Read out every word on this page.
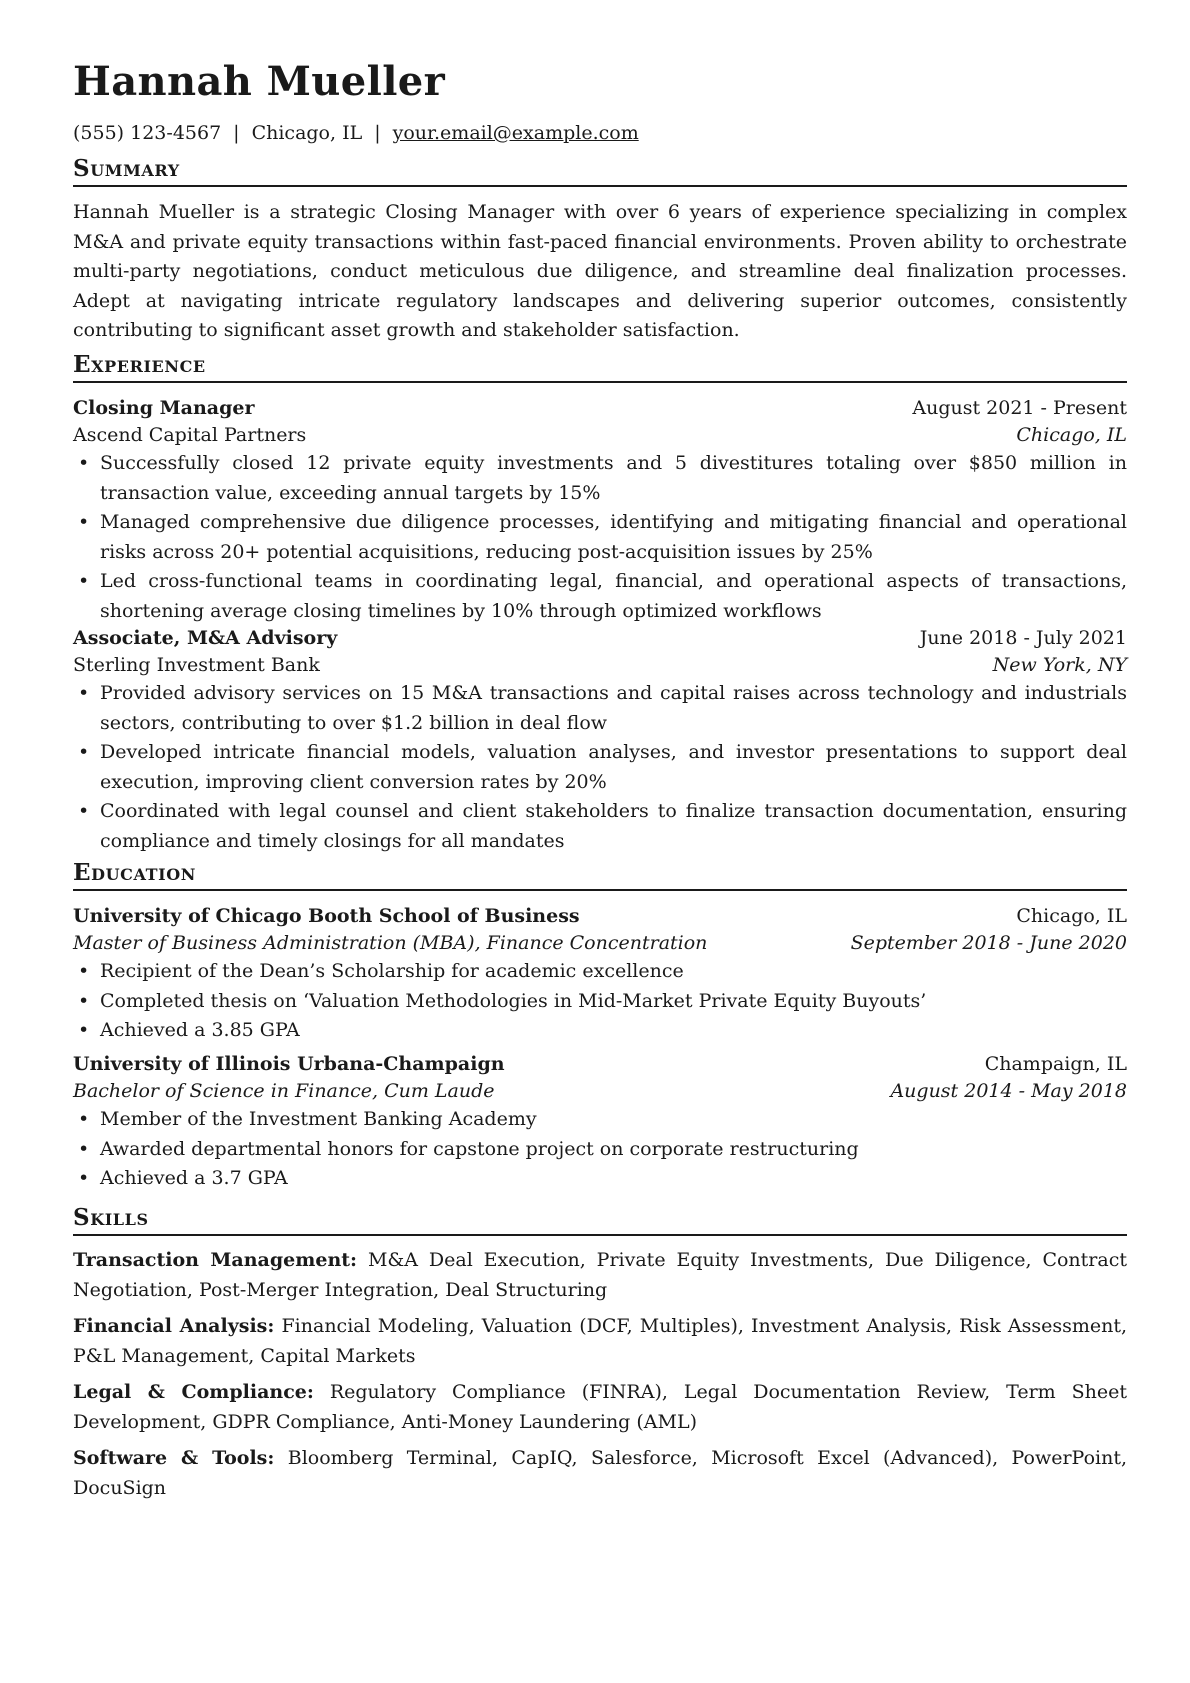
Hannah Mueller
(555) 123-4567 | Chicago, IL | your.email@example.com
Summary
Hannah Mueller is a strategic Closing Manager with over 6 years of experience specializing in complex M&A and private equity transactions within fast-paced financial environments. Proven ability to orchestrate multi-party negotiations, conduct meticulous due diligence, and streamline deal finalization processes. Adept at navigating intricate regulatory landscapes and delivering superior outcomes, consistently contributing to significant asset growth and stakeholder satisfaction.
Experience
Closing Manager	August 2021 - Present
Ascend Capital Partners	Chicago, IL
• Successfully closed 12 private equity investments and 5 divestitures totaling over $850 million in transaction value, exceeding annual targets by 15%
• Managed comprehensive due diligence processes, identifying and mitigating financial and operational risks across 20+ potential acquisitions, reducing post-acquisition issues by 25%
• Led cross-functional teams in coordinating legal, financial, and operational aspects of transactions, shortening average closing timelines by 10% through optimized workflows
Associate, M&A Advisory	June 2018 - July 2021
Sterling Investment Bank	New York, NY
• Provided advisory services on 15 M&A transactions and capital raises across technology and industrials sectors, contributing to over $1.2 billion in deal flow
• Developed intricate financial models, valuation analyses, and investor presentations to support deal execution, improving client conversion rates by 20%
• Coordinated with legal counsel and client stakeholders to finalize transaction documentation, ensuring compliance and timely closings for all mandates
Education
University of Chicago Booth School of Business	Chicago, IL
Master of Business Administration (MBA), Finance Concentration	September 2018 - June 2020
• Recipient of the Dean’s Scholarship for academic excellence
• Completed thesis on ‘Valuation Methodologies in Mid-Market Private Equity Buyouts’
• Achieved a 3.85 GPA
University of Illinois Urbana-Champaign	Champaign, IL
Bachelor of Science in Finance, Cum Laude	August 2014 - May 2018
• Member of the Investment Banking Academy
• Awarded departmental honors for capstone project on corporate restructuring
• Achieved a 3.7 GPA
Skills
Transaction Management: M&A Deal Execution, Private Equity Investments, Due Diligence, Contract Negotiation, Post-Merger Integration, Deal Structuring
Financial Analysis: Financial Modeling, Valuation (DCF, Multiples), Investment Analysis, Risk Assessment, P&L Management, Capital Markets
Legal & Compliance: Regulatory Compliance (FINRA), Legal Documentation Review, Term Sheet Development, GDPR Compliance, Anti-Money Laundering (AML)
Software & Tools: Bloomberg Terminal, CapIQ, Salesforce, Microsoft Excel (Advanced), PowerPoint, DocuSign
